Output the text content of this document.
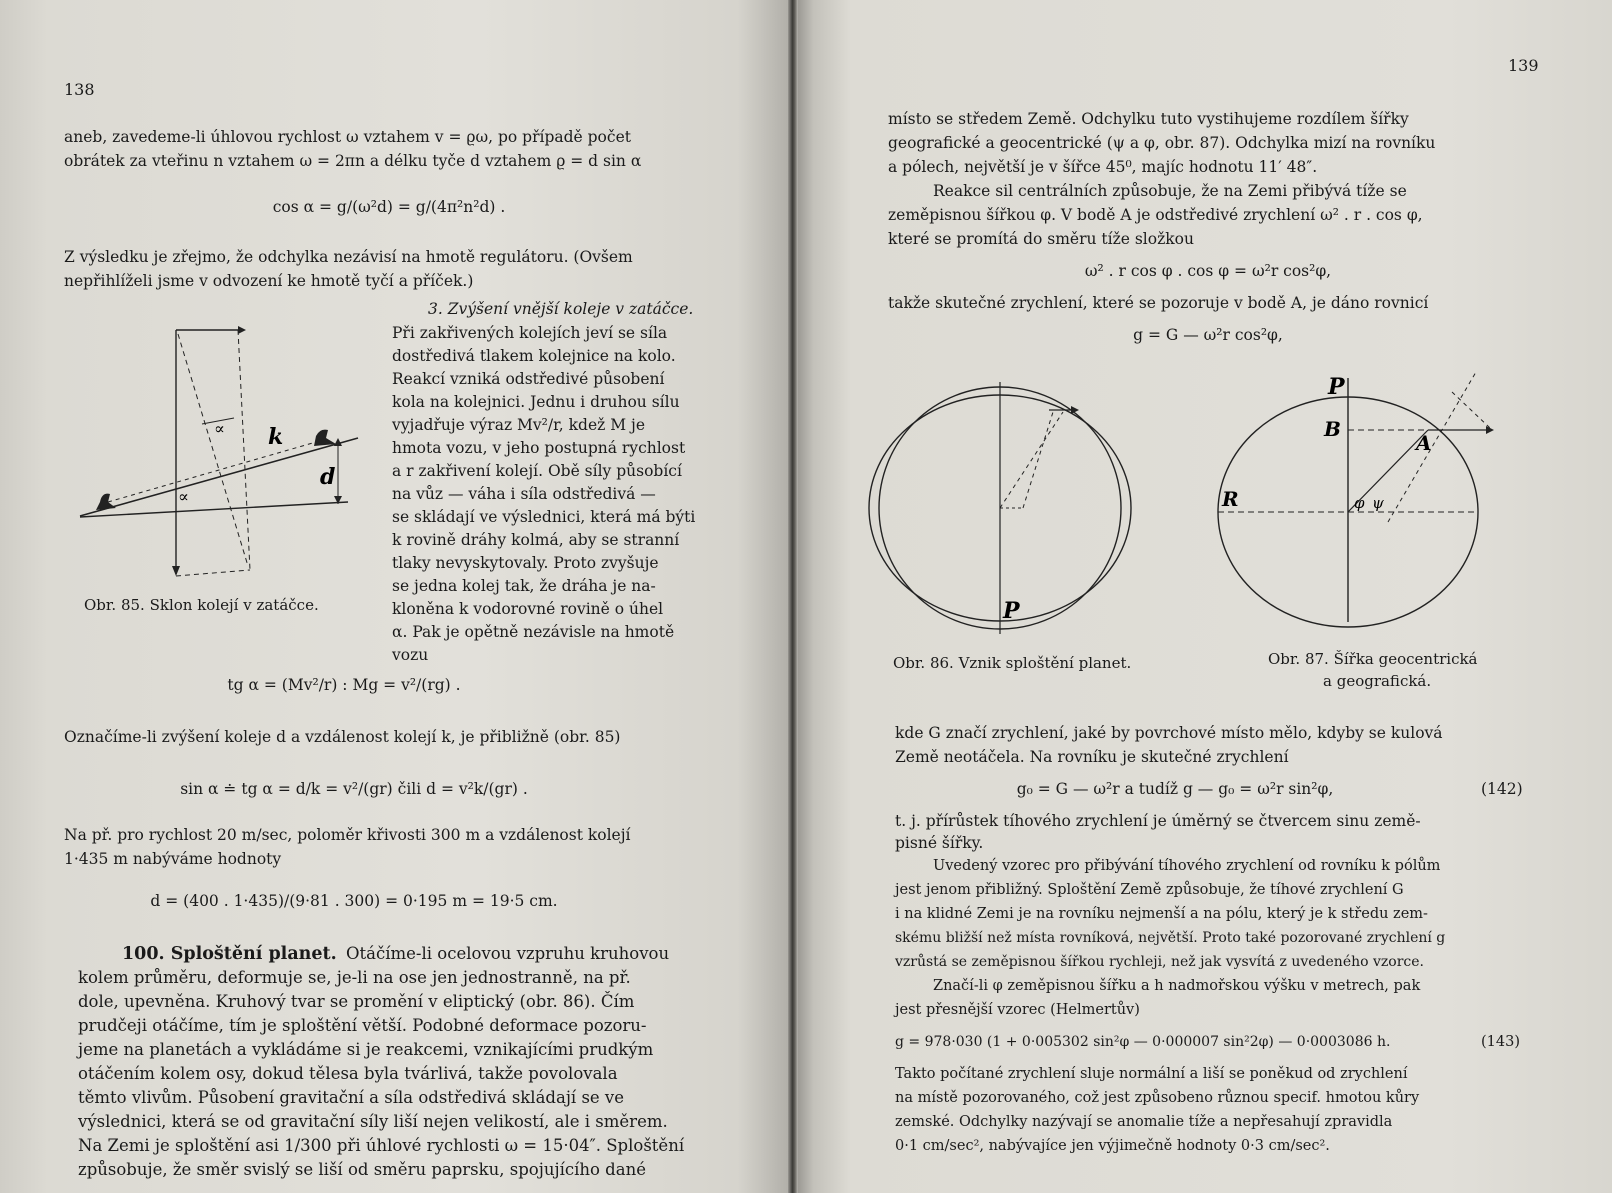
138
aneb, zavedeme-li úhlovou rychlost ω vztahem v = ϱω, po případě počet
obrátek za vteřinu n vztahem ω = 2πn a délku tyče d vztahem ϱ = d sin α
cos α = g/(ω²d) = g/(4π²n²d) .
Z výsledku je zřejmo, že odchylka nezávisí na hmotě regulátoru. (Ovšem
nepřihlíželi jsme v odvození ke hmotě tyčí a příček.)
3. Zvýšení vnější koleje v zatáčce.
Při zakřivených kolejích jeví se síla
dostředivá tlakem kolejnice na kolo.
Reakcí vzniká odstředivé působení
kola na kolejnici. Jednu i druhou sílu
vyjadřuje výraz Mv²/r, kdež M je
hmota vozu, v jeho postupná rychlost
a r zakřivení kolejí. Obě síly působící
na vůz — váha i síla odstředivá —
se skládají ve výslednici, která má býti
k rovině dráhy kolmá, aby se stranní
tlaky nevyskytovaly. Proto zvyšuje
se jedna kolej tak, že dráha je na-
kloněna k vodorovné rovině o úhel
α. Pak je opětně nezávisle na hmotě
vozu
∝ k
d
∝
Obr. 85. Sklon kolejí v zatáčce.
tg α = (Mv²/r) : Mg = v²/(rg) .
Označíme-li zvýšení koleje d a vzdálenost kolejí k, je přibližně (obr. 85)
sin α ≐ tg α = d/k = v²/(gr) čili d = v²k/(gr) .
Na př. pro rychlost 20 m/sec, poloměr křivosti 300 m a vzdálenost kolejí
1·435 m nabýváme hodnoty
d = (400 . 1·435)/(9·81 . 300) = 0·195 m = 19·5 cm.
100. Sploštění planet. Otáčíme-li ocelovou vzpruhu kruhovou
kolem průměru, deformuje se, je-li na ose jen jednostranně, na př.
dole, upevněna. Kruhový tvar se promění v eliptický (obr. 86). Čím
prudčeji otáčíme, tím je sploštění větší. Podobné deformace pozoru-
jeme na planetách a vykládáme si je reakcemi, vznikajícími prudkým
otáčením kolem osy, dokud tělesa byla tvárlivá, takže povolovala
těmto vlivům. Působení gravitační a síla odstředivá skládají se ve
výslednici, která se od gravitační síly liší nejen velikostí, ale i směrem.
Na Zemi je sploštění asi 1/300 při úhlové rychlosti ω = 15·04″. Sploštění
způsobuje, že směr svislý se liší od směru paprsku, spojujícího dané
139
místo se středem Země. Odchylku tuto vystihujeme rozdílem šířky
geografické a geocentrické (ψ a φ, obr. 87). Odchylka mizí na rovníku
a pólech, největší je v šířce 45⁰, majíc hodnotu 11′ 48″.
Reakce sil centrálních způsobuje, že na Zemi přibývá tíže se
zeměpisnou šířkou φ. V bodě A je odstředivé zrychlení ω² . r . cos φ,
které se promítá do směru tíže složkou
ω² . r cos φ . cos φ = ω²r cos²φ,
takže skutečné zrychlení, které se pozoruje v bodě A, je dáno rovnicí
g = G — ω²r cos²φ,
P
Obr. 86. Vznik sploštění planet.
P
B
A
R	φ ψ
Obr. 87. Šířka geocentrická
a geografická.
kde G značí zrychlení, jaké by povrchové místo mělo, kdyby se kulová
Země neotáčela. Na rovníku je skutečné zrychlení
g₀ = G — ω²r a tudíž g — g₀ = ω²r sin²φ,	(142)
t. j. přírůstek tíhového zrychlení je úměrný se čtvercem sinu země-
pisné šířky.
Uvedený vzorec pro přibývání tíhového zrychlení od rovníku k pólům
jest jenom přibližný. Sploštění Země způsobuje, že tíhové zrychlení G
i na klidné Zemi je na rovníku nejmenší a na pólu, který je k středu zem-
skému bližší než místa rovníková, největší. Proto také pozorované zrychlení g
vzrůstá se zeměpisnou šířkou rychleji, než jak vysvítá z uvedeného vzorce.
Značí-li φ zeměpisnou šířku a h nadmořskou výšku v metrech, pak
jest přesnější vzorec (Helmertův)
g = 978·030 (1 + 0·005302 sin²φ — 0·000007 sin²2φ) — 0·0003086 h.	(143)
Takto počítané zrychlení sluje normální a liší se poněkud od zrychlení
na místě pozorovaného, což jest způsobeno různou specif. hmotou kůry
zemské. Odchylky nazývají se anomalie tíže a nepřesahují zpravidla
0·1 cm/sec², nabývajíce jen výjimečně hodnoty 0·3 cm/sec².
